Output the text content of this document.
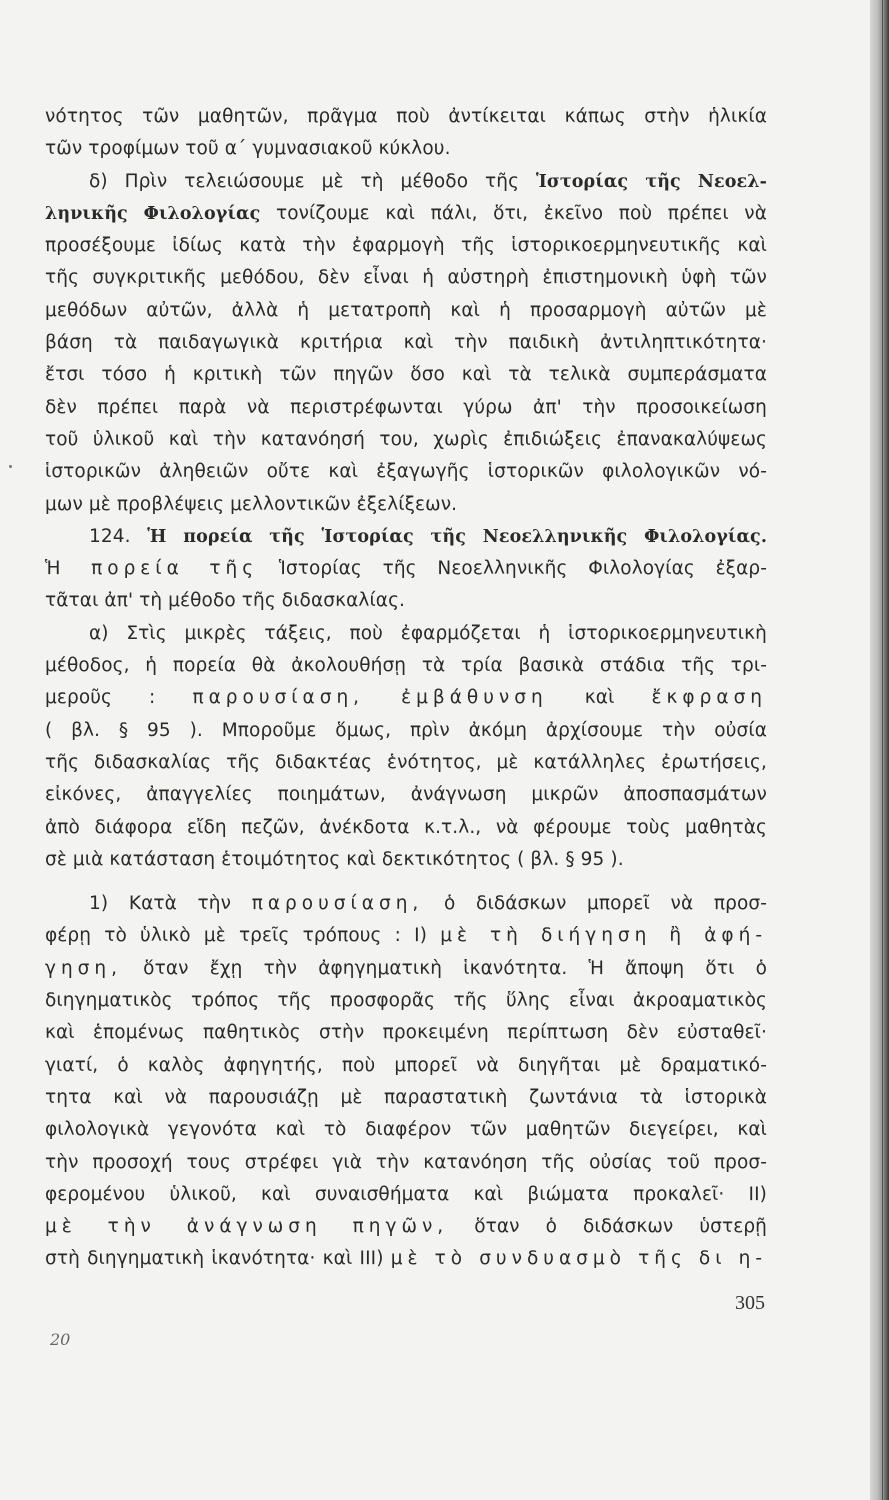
νότητος τῶν μαθητῶν, πρᾶγμα ποὺ ἀντίκειται κάπως στὴν ἡλικία
τῶν τροφίμων τοῦ α΄ γυμνασιακοῦ κύκλου.
δ) Πρὶν τελειώσουμε μὲ τὴ μέθοδο τῆς Ἱστορίας τῆς Νεοελ-
ληνικῆς Φιλολογίας τονίζουμε καὶ πάλι, ὅτι, ἐκεῖνο ποὺ πρέπει νὰ
προσέξουμε ἰδίως κατὰ τὴν ἐφαρμογὴ τῆς ἱστορικοερμηνευτικῆς καὶ
τῆς συγκριτικῆς μεθόδου, δὲν εἶναι ἡ αὐστηρὴ ἐπιστημονικὴ ὑφὴ τῶν
μεθόδων αὐτῶν, ἀλλὰ ἡ μετατροπὴ καὶ ἡ προσαρμογὴ αὐτῶν μὲ
βάση τὰ παιδαγωγικὰ κριτήρια καὶ τὴν παιδικὴ ἀντιληπτικότητα·
ἔτσι τόσο ἡ κριτικὴ τῶν πηγῶν ὅσο καὶ τὰ τελικὰ συμπεράσματα
δὲν πρέπει παρὰ νὰ περιστρέφωνται γύρω ἀπ' τὴν προσοικείωση
τοῦ ὑλικοῦ καὶ τὴν κατανόησή του, χωρὶς ἐπιδιώξεις ἐπανακαλύψεως
ἱστορικῶν ἀληθειῶν οὔτε καὶ ἐξαγωγῆς ἱστορικῶν φιλολογικῶν νό-
μων μὲ προβλέψεις μελλοντικῶν ἐξελίξεων.
124. Ἡ πορεία τῆς Ἱστορίας τῆς Νεοελληνικῆς Φιλολογίας.
Ἡ πορεία τῆς Ἱστορίας τῆς Νεοελληνικῆς Φιλολογίας ἐξαρ-
τᾶται ἀπ' τὴ μέθοδο τῆς διδασκαλίας.
α) Στὶς μικρὲς τάξεις, ποὺ ἐφαρμόζεται ἡ ἱστορικοερμηνευτικὴ
μέθοδος, ἡ πορεία θὰ ἀκολουθήσῃ τὰ τρία βασικὰ στάδια τῆς τρι-
μεροῦς : παρουσίαση, ἐμβάθυνση καὶ ἔκφραση
( βλ. § 95 ). Μποροῦμε ὅμως, πρὶν ἀκόμη ἀρχίσουμε τὴν οὐσία
τῆς διδασκαλίας τῆς διδακτέας ἑνότητος, μὲ κατάλληλες ἐρωτήσεις,
εἰκόνες, ἀπαγγελίες ποιημάτων, ἀνάγνωση μικρῶν ἀποσπασμάτων
ἀπὸ διάφορα εἴδη πεζῶν, ἀνέκδοτα κ.τ.λ., νὰ φέρουμε τοὺς μαθητὰς
σὲ μιὰ κατάσταση ἑτοιμότητος καὶ δεκτικότητος ( βλ. § 95 ).
1) Κατὰ τὴν παρουσίαση, ὁ διδάσκων μπορεῖ νὰ προσ-
φέρῃ τὸ ὑλικὸ μὲ τρεῖς τρόπους : Ι) μὲ τὴ διήγηση ἢ ἀφή-
γηση, ὅταν ἔχῃ τὴν ἀφηγηματικὴ ἱκανότητα. Ἡ ἄποψη ὅτι ὁ
διηγηματικὸς τρόπος τῆς προσφορᾶς τῆς ὕλης εἶναι ἀκροαματικὸς
καὶ ἑπομένως παθητικὸς στὴν προκειμένη περίπτωση δὲν εὐσταθεῖ·
γιατί, ὁ καλὸς ἀφηγητής, ποὺ μπορεῖ νὰ διηγῆται μὲ δραματικό-
τητα καὶ νὰ παρουσιάζῃ μὲ παραστατικὴ ζωντάνια τὰ ἱστορικὰ
φιλολογικὰ γεγονότα καὶ τὸ διαφέρον τῶν μαθητῶν διεγείρει, καὶ
τὴν προσοχή τους στρέφει γιὰ τὴν κατανόηση τῆς οὐσίας τοῦ προσ-
φερομένου ὑλικοῦ, καὶ συναισθήματα καὶ βιώματα προκαλεῖ· ΙΙ)
μὲ τὴν ἀνάγνωση πηγῶν, ὅταν ὁ διδάσκων ὑστερῇ
στὴ διηγηματικὴ ἱκανότητα· καὶ ΙΙΙ) μὲ τὸ συνδυασμὸ τῆς δι η-
305
20
